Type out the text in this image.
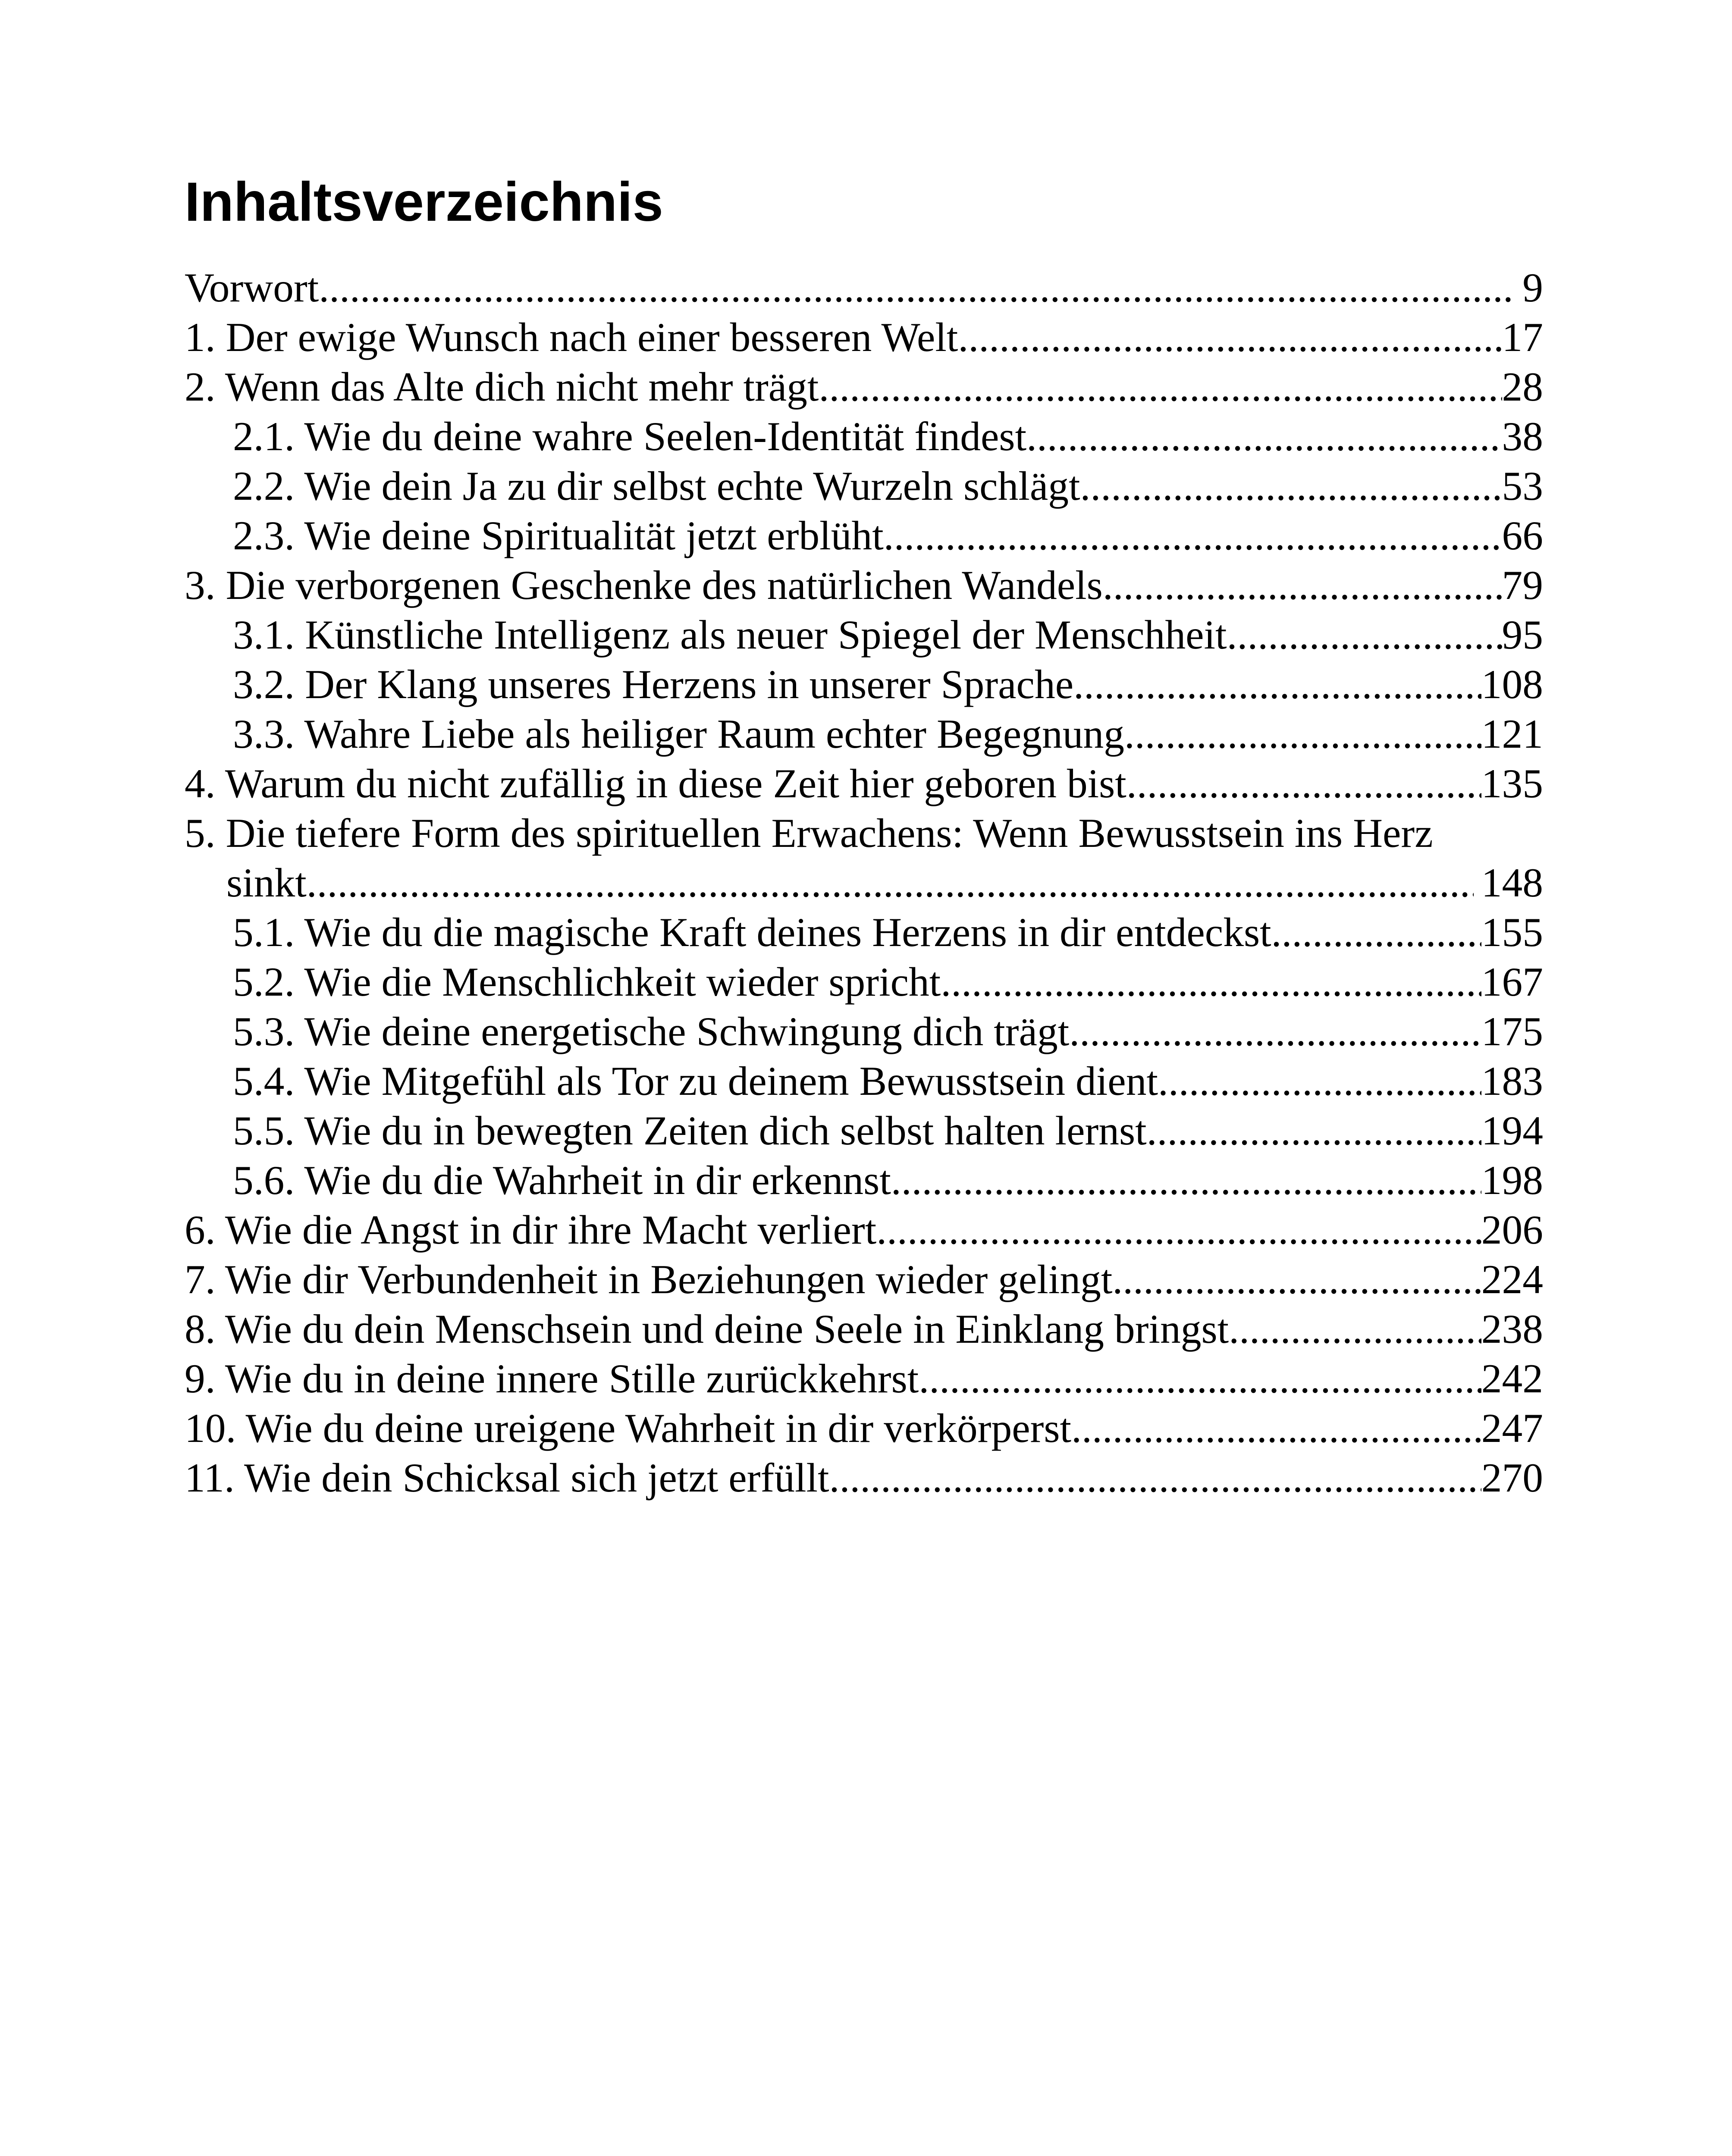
Inhaltsverzeichnis
Vorwort .....	9
1. Der ewige Wunsch nach einer besseren Welt .....	17
2. Wenn das Alte dich nicht mehr trägt .....	28
2.1. Wie du deine wahre Seelen-Identität findest .....	38
2.2. Wie dein Ja zu dir selbst echte Wurzeln schlägt .....	53
2.3. Wie deine Spiritualität jetzt erblüht .....	66
3. Die verborgenen Geschenke des natürlichen Wandels .....	79
3.1. Künstliche Intelligenz als neuer Spiegel der Menschheit .....	95
3.2. Der Klang unseres Herzens in unserer Sprache .....	108
3.3. Wahre Liebe als heiliger Raum echter Begegnung .....	121
4. Warum du nicht zufällig in diese Zeit hier geboren bist .....	135
5. Die tiefere Form des spirituellen Erwachens: Wenn Bewusstsein ins Herz
sinkt .....	148
5.1. Wie du die magische Kraft deines Herzens in dir entdeckst .....	155
5.2. Wie die Menschlichkeit wieder spricht .....	167
5.3. Wie deine energetische Schwingung dich trägt .....	175
5.4. Wie Mitgefühl als Tor zu deinem Bewusstsein dient .....	183
5.5. Wie du in bewegten Zeiten dich selbst halten lernst .....	194
5.6. Wie du die Wahrheit in dir erkennst .....	198
6. Wie die Angst in dir ihre Macht verliert .....	206
7. Wie dir Verbundenheit in Beziehungen wieder gelingt .....	224
8. Wie du dein Menschsein und deine Seele in Einklang bringst .....	238
9. Wie du in deine innere Stille zurückkehrst .....	242
10. Wie du deine ureigene Wahrheit in dir verkörperst .....	247
11. Wie dein Schicksal sich jetzt erfüllt .....	270
